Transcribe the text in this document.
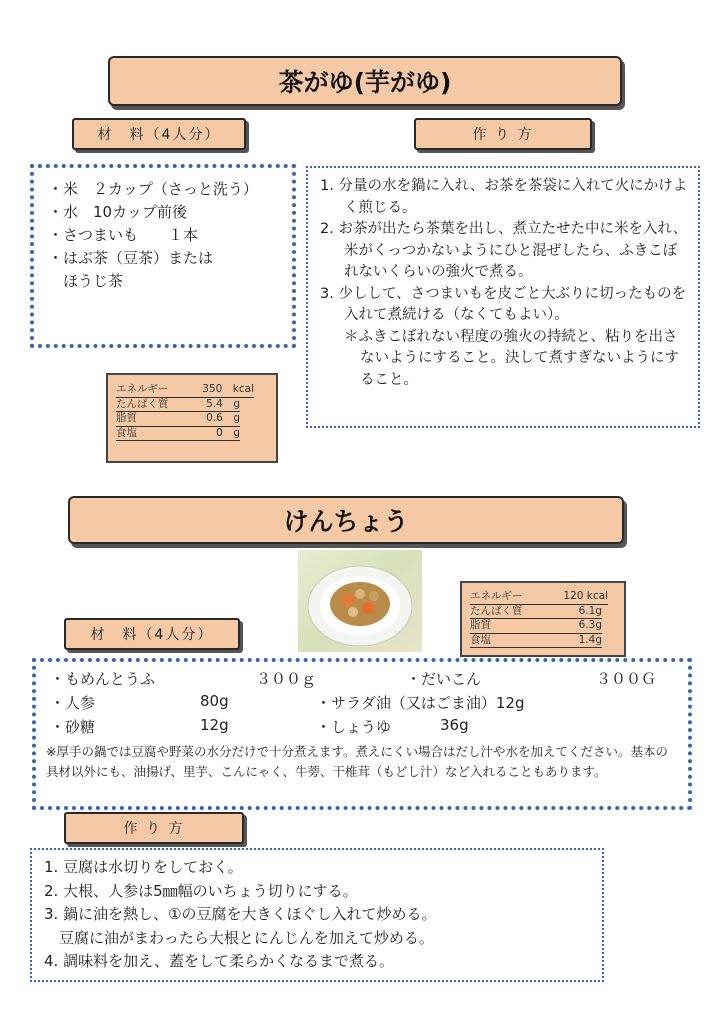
茶がゆ(芋がゆ)
材　料（4人分）	作 り 方
・米　２カップ（さっと洗う）
・水　10カップ前後
・さつまいも　　１本
・はぶ茶（豆茶）または
　ほうじ茶
1. 分量の水を鍋に入れ、お茶を茶袋に入れて火にかけよく煎じる。
2. お茶が出たら茶葉を出し、煮立たせた中に米を入れ、米がくっつかないようにひと混ぜしたら、ふきこぼれないくらいの強火で煮る。
3. 少しして、さつまいもを皮ごと大ぶりに切ったものを入れて煮続ける（なくてもよい）。
＊ふきこぼれない程度の強火の持続と、粘りを出さないようにすること。決して煮すぎないようにすること。
エネルギー	350　kcal
たんぱく質	5.4　g
脂質	0.6　g
食塩	0　g
けんちょう
エネルギー	120 kcal
たんぱく質	6.1g
脂質	6.3g
食塩	1.4g
材　料（4人分）
・もめんとうふ	３００ｇ	・だいこん	３００Ｇ
・人参	80g	・サラダ油（又はごま油）12g
・砂糖	12g	・しょうゆ	36g
※厚手の鍋では豆腐や野菜の水分だけで十分煮えます。煮えにくい場合はだし汁や水を加えてください。基本の具材以外にも、油揚げ、里芋、こんにゃく、牛蒡、干椎茸（もどし汁）など入れることもあります。
作 り 方
1. 豆腐は水切りをしておく。
2. 大根、人参は5㎜幅のいちょう切りにする。
3. 鍋に油を熱し、①の豆腐を大きくほぐし入れて炒める。
　豆腐に油がまわったら大根とにんじんを加えて炒める。
4. 調味料を加え、蓋をして柔らかくなるまで煮る。
